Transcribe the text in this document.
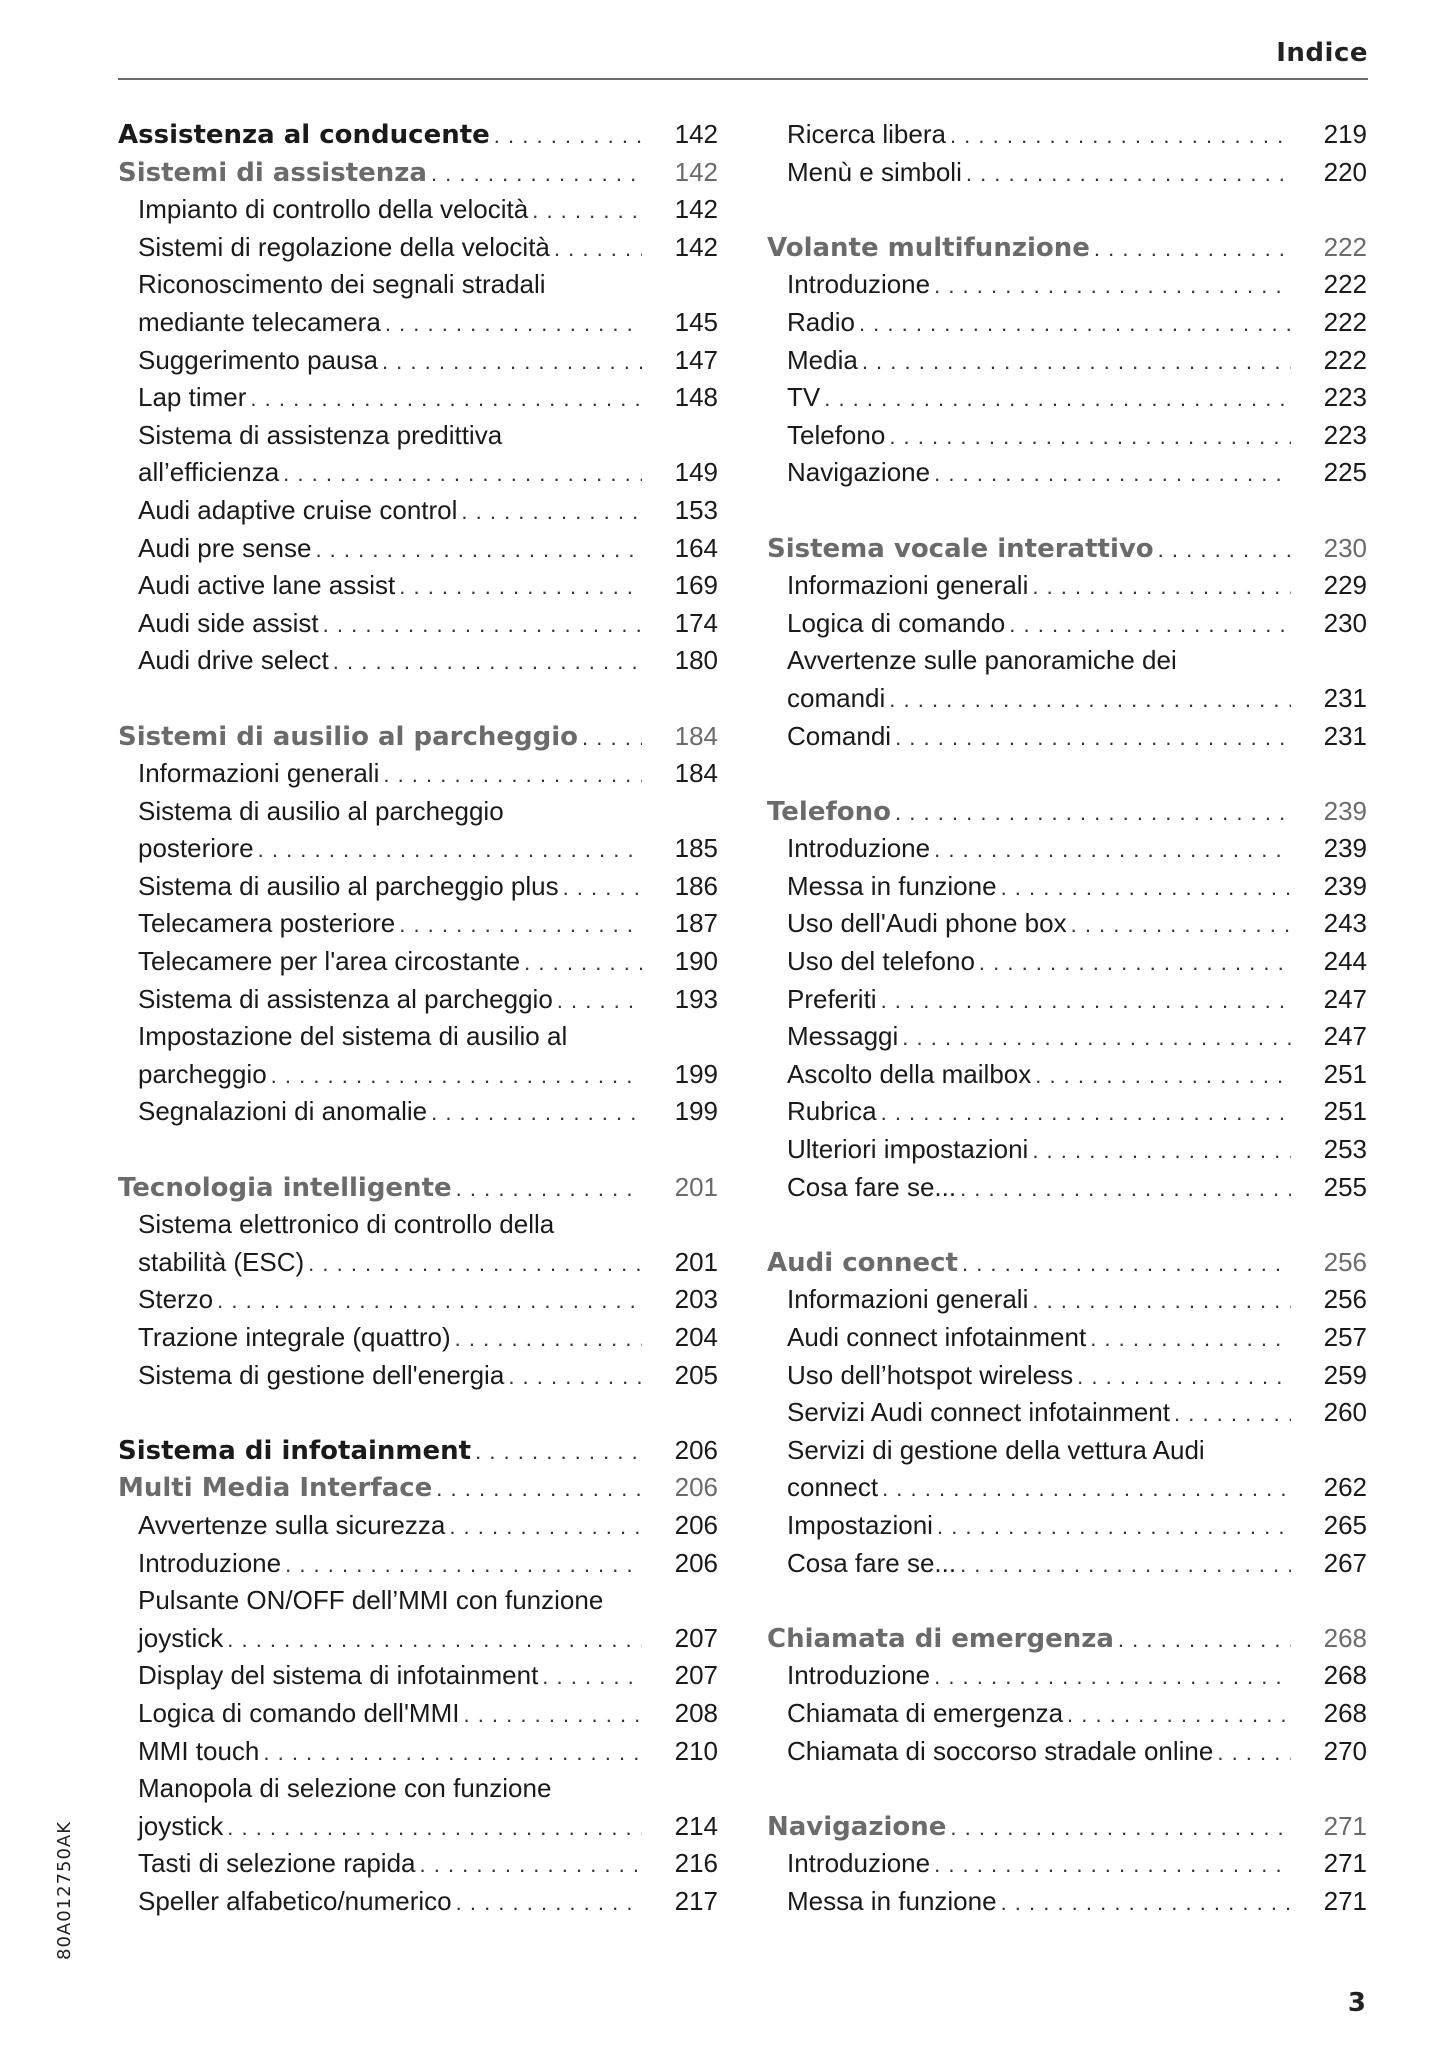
Indice
Assistenza al conducente . . .	142
Sistemi di assistenza . . .	142
Impianto di controllo della velocità . . .	142
Sistemi di regolazione della velocità . . .	142
Riconoscimento dei segnali stradali
mediante telecamera . . .	145
Suggerimento pausa . . .	147
Lap timer . . .	148
Sistema di assistenza predittiva
all’efficienza . . .	149
Audi adaptive cruise control . . .	153
Audi pre sense . . .	164
Audi active lane assist . . .	169
Audi side assist . . .	174
Audi drive select . . .	180
Sistemi di ausilio al parcheggio . . .	184
Informazioni generali . . .	184
Sistema di ausilio al parcheggio
posteriore . . .	185
Sistema di ausilio al parcheggio plus . . .	186
Telecamera posteriore . . .	187
Telecamere per l'area circostante . . .	190
Sistema di assistenza al parcheggio . . .	193
Impostazione del sistema di ausilio al
parcheggio . . .	199
Segnalazioni di anomalie . . .	199
Tecnologia intelligente . . .	201
Sistema elettronico di controllo della
stabilità (ESC) . . .	201
Sterzo . . .	203
Trazione integrale (quattro) . . .	204
Sistema di gestione dell'energia . . .	205
Sistema di infotainment . . .	206
Multi Media Interface . . .	206
Avvertenze sulla sicurezza . . .	206
Introduzione . . .	206
Pulsante ON/OFF dell’MMI con funzione
joystick . . .	207
Display del sistema di infotainment . . .	207
Logica di comando dell'MMI . . .	208
MMI touch . . .	210
Manopola di selezione con funzione
joystick . . .	214
Tasti di selezione rapida . . .	216
Speller alfabetico/numerico . . .	217
Ricerca libera . . .	219
Menù e simboli . . .	220
Volante multifunzione . . .	222
Introduzione . . .	222
Radio . . .	222
Media . . .	222
TV . . .	223
Telefono . . .	223
Navigazione . . .	225
Sistema vocale interattivo . . .	230
Informazioni generali . . .	229
Logica di comando . . .	230
Avvertenze sulle panoramiche dei
comandi . . .	231
Comandi . . .	231
Telefono . . .	239
Introduzione . . .	239
Messa in funzione . . .	239
Uso dell'Audi phone box . . .	243
Uso del telefono . . .	244
Preferiti . . .	247
Messaggi . . .	247
Ascolto della mailbox . . .	251
Rubrica . . .	251
Ulteriori impostazioni . . .	253
Cosa fare se... . . .	255
Audi connect . . .	256
Informazioni generali . . .	256
Audi connect infotainment . . .	257
Uso dell’hotspot wireless . . .	259
Servizi Audi connect infotainment . . .	260
Servizi di gestione della vettura Audi
connect . . .	262
Impostazioni . . .	265
Cosa fare se... . . .	267
Chiamata di emergenza . . .	268
Introduzione . . .	268
Chiamata di emergenza . . .	268
Chiamata di soccorso stradale online . . .	270
Navigazione . . .	271
Introduzione . . .	271
Messa in funzione . . .	271
80A012750AK
3
